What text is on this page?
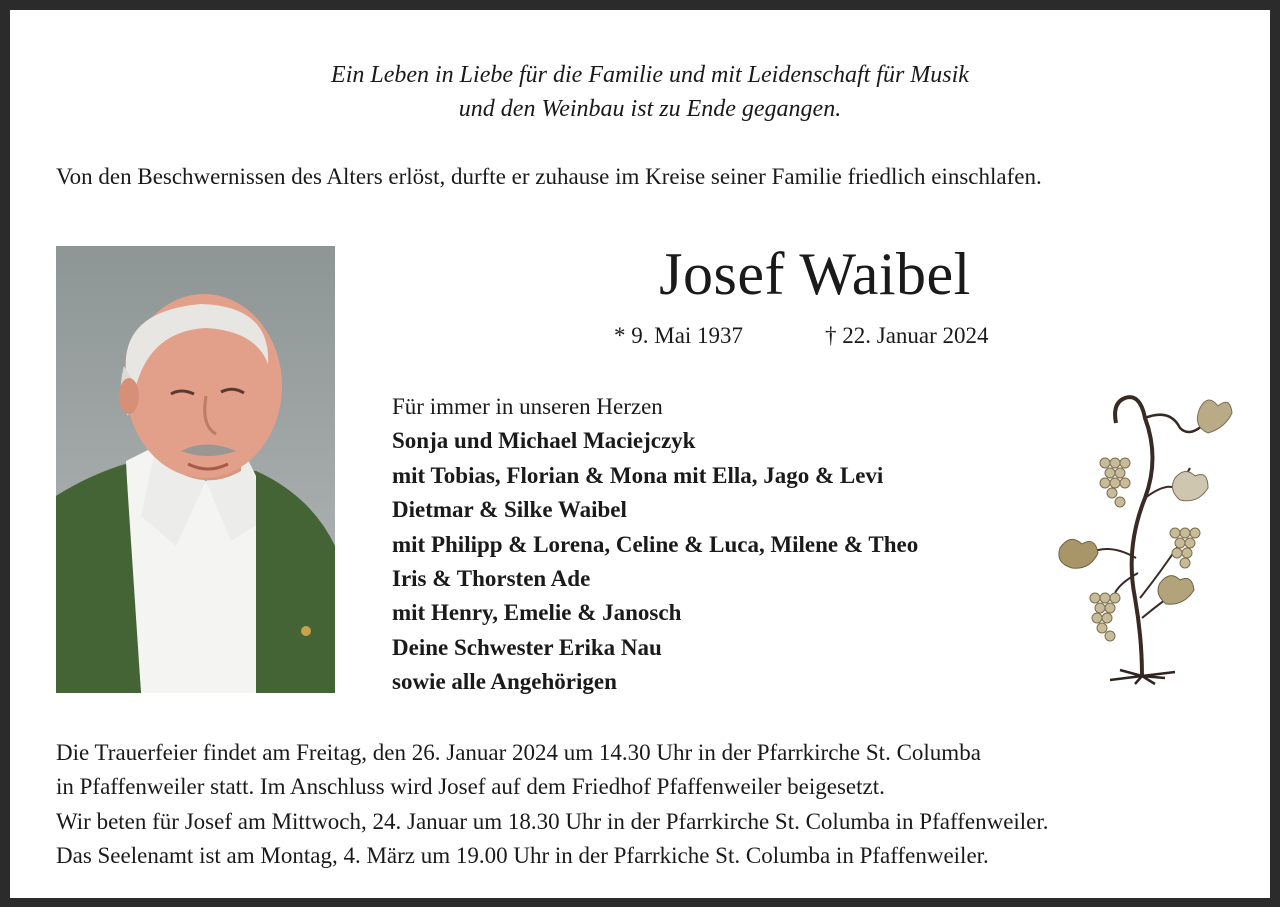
Ein Leben in Liebe für die Familie und mit Leidenschaft für Musik
und den Weinbau ist zu Ende gegangen.
Von den Beschwernissen des Alters erlöst, durfte er zuhause im Kreise seiner Familie friedlich einschlafen.
Josef Waibel
* 9. Mai 1937	† 22. Januar 2024
Für immer in unseren Herzen
Sonja und Michael Maciejczyk
mit Tobias, Florian & Mona mit Ella, Jago & Levi
Dietmar & Silke Waibel
mit Philipp & Lorena, Celine & Luca, Milene & Theo
Iris & Thorsten Ade
mit Henry, Emelie & Janosch
Deine Schwester Erika Nau
sowie alle Angehörigen
Die Trauerfeier findet am Freitag, den 26. Januar 2024 um 14.30 Uhr in der Pfarrkirche St. Columba
in Pfaffenweiler statt. Im Anschluss wird Josef auf dem Friedhof Pfaffenweiler beigesetzt.
Wir beten für Josef am Mittwoch, 24. Januar um 18.30 Uhr in der Pfarrkirche St. Columba in Pfaffenweiler.
Das Seelenamt ist am Montag, 4. März um 19.00 Uhr in der Pfarrkiche St. Columba in Pfaffenweiler.
